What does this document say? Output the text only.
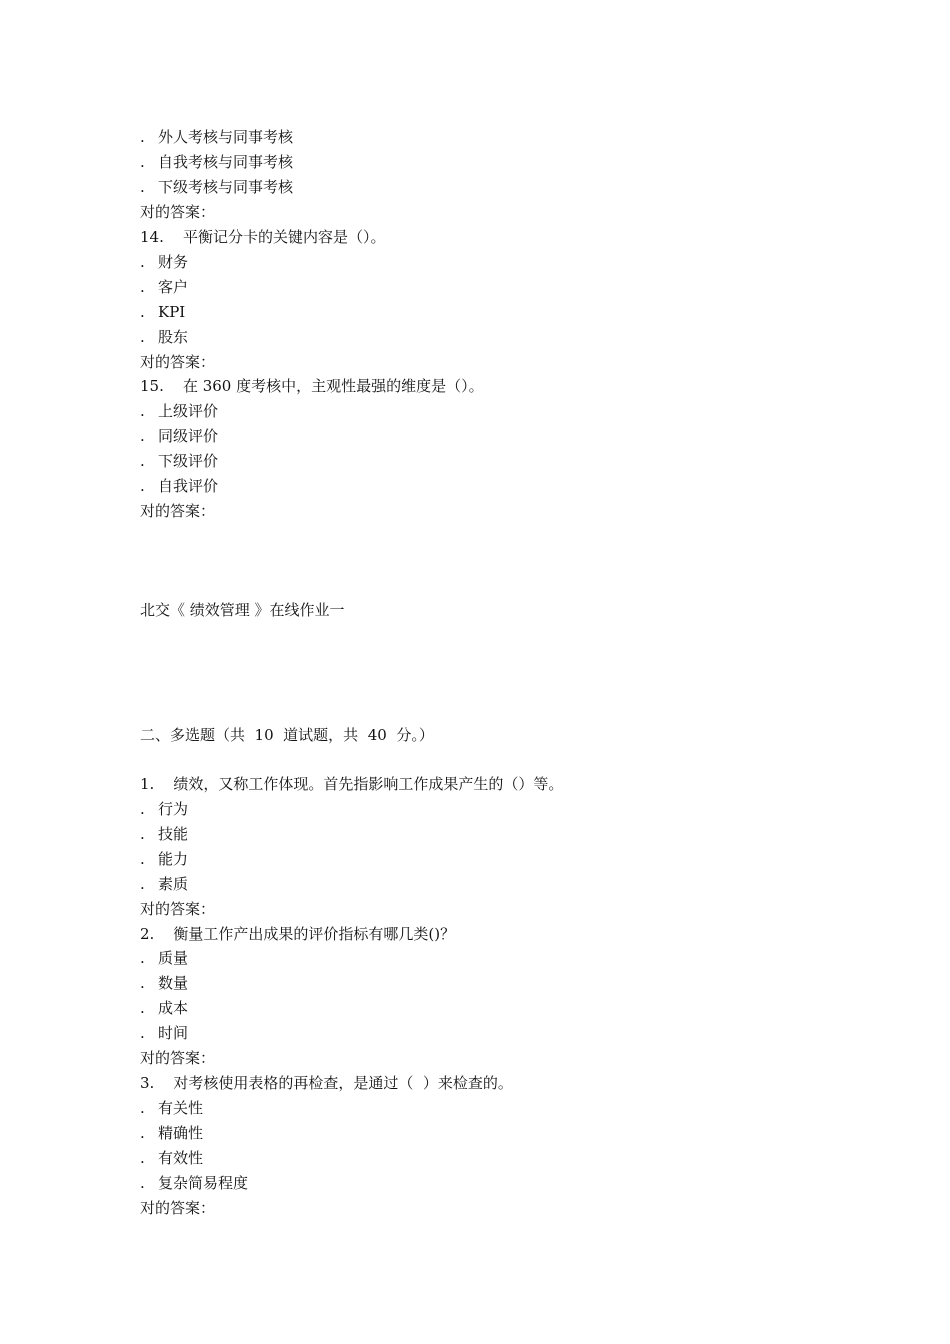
. 外人考核与同事考核
. 自我考核与同事考核
. 下级考核与同事考核
对的答案：
14. 平衡记分卡的关键内容是（）。
. 财务
. 客户
. KPI
. 股东
对的答案：
15. 在 360 度考核中，主观性最强的维度是（）。
. 上级评价
. 同级评价
. 下级评价
. 自我评价
对的答案：
北交《 绩效管理 》在线作业一
二、多选题（共  10  道试题，共  40  分。）
1. 绩效，又称工作体现。首先指影响工作成果产生的（）等。
. 行为
. 技能
. 能力
. 素质
对的答案：
2. 衡量工作产出成果的评价指标有哪几类()？
. 质量
. 数量
. 成本
. 时间
对的答案：
3. 对考核使用表格的再检查，是通过（  ）来检查的。
. 有关性
. 精确性
. 有效性
. 复杂简易程度
对的答案：
